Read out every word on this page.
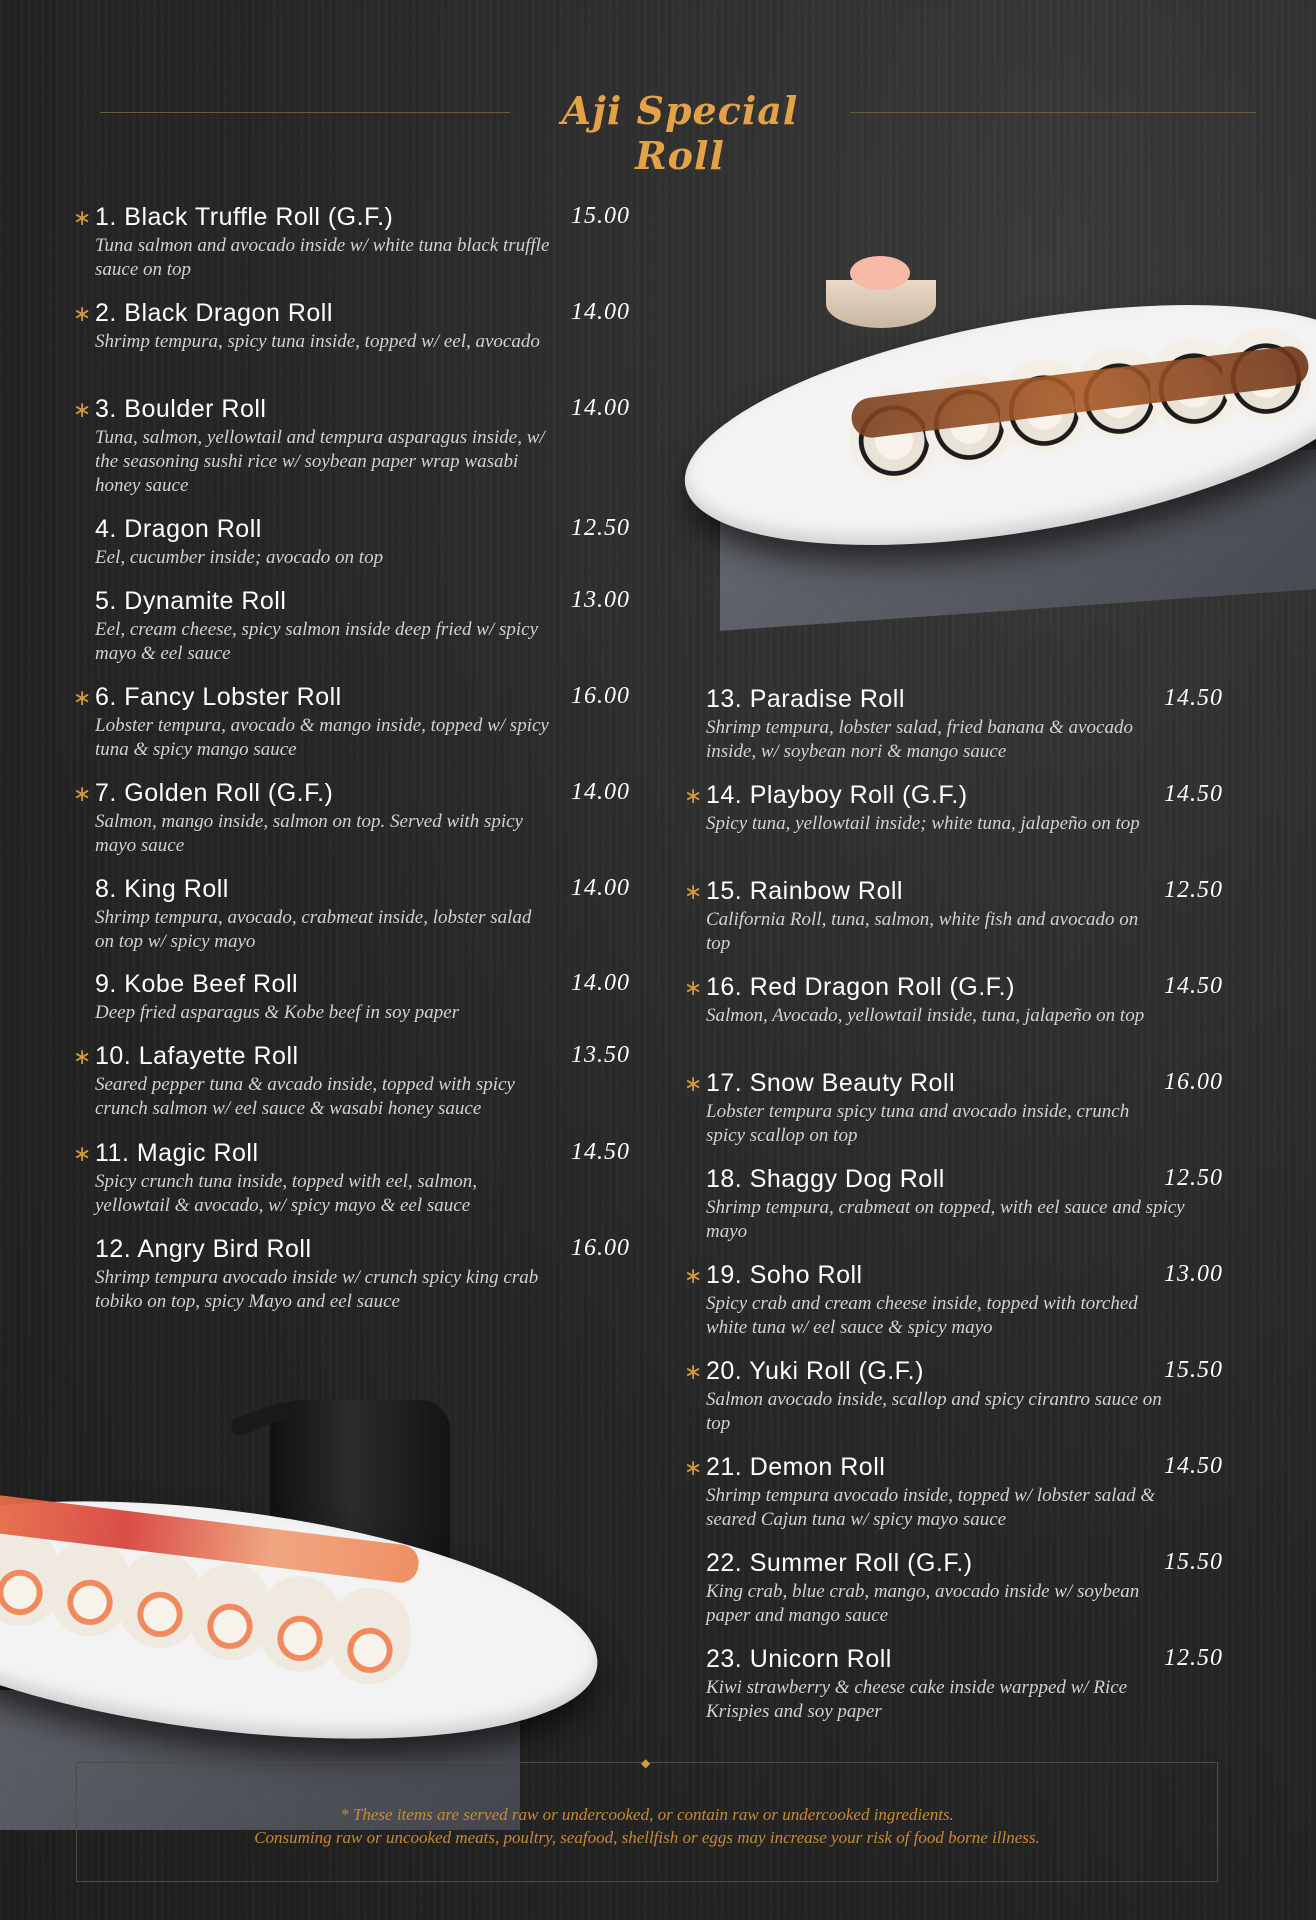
Aji Special Roll
∗ 1. Black Truffle Roll (G.F.)
Tuna salmon and avocado inside w/ white tuna black truffle sauce on top
15.00
∗ 2. Black Dragon Roll
Shrimp tempura, spicy tuna inside, topped w/ eel, avocado
14.00
∗ 3. Boulder Roll
Tuna, salmon, yellowtail and tempura asparagus inside, w/ the seasoning sushi rice w/ soybean paper wrap wasabi honey sauce
14.00
4. Dragon Roll
Eel, cucumber inside; avocado on top
12.50
5. Dynamite Roll
Eel, cream cheese, spicy salmon inside deep fried w/ spicy mayo & eel sauce
13.00
∗ 6. Fancy Lobster Roll
Lobster tempura, avocado & mango inside, topped w/ spicy tuna & spicy mango sauce
16.00
∗ 7. Golden Roll (G.F.)
Salmon, mango inside, salmon on top. Served with spicy mayo sauce
14.00
8. King Roll
Shrimp tempura, avocado, crabmeat inside, lobster salad on top w/ spicy mayo
14.00
9. Kobe Beef Roll
Deep fried asparagus & Kobe beef in soy paper
14.00
∗ 10. Lafayette Roll
Seared pepper tuna & avcado inside, topped with spicy crunch salmon w/ eel sauce & wasabi honey sauce
13.50
∗ 11. Magic Roll
Spicy crunch tuna inside, topped with eel, salmon, yellowtail & avocado, w/ spicy mayo & eel sauce
14.50
12. Angry Bird Roll
Shrimp tempura avocado inside w/ crunch spicy king crab tobiko on top, spicy Mayo and eel sauce
16.00
13. Paradise Roll
Shrimp tempura, lobster salad, fried banana & avocado inside, w/ soybean nori & mango sauce
14.50
∗ 14. Playboy Roll (G.F.)
Spicy tuna, yellowtail inside; white tuna, jalapeño on top
14.50
∗ 15. Rainbow Roll
California Roll, tuna, salmon, white fish and avocado on top
12.50
∗ 16. Red Dragon Roll (G.F.)
Salmon, Avocado, yellowtail inside, tuna, jalapeño on top
14.50
∗ 17. Snow Beauty Roll
Lobster tempura spicy tuna and avocado inside, crunch spicy scallop on top
16.00
18. Shaggy Dog Roll
Shrimp tempura, crabmeat on topped, with eel sauce and spicy mayo
12.50
∗ 19. Soho Roll
Spicy crab and cream cheese inside, topped with torched white tuna w/ eel sauce & spicy mayo
13.00
∗ 20. Yuki Roll (G.F.)
Salmon avocado inside, scallop and spicy cirantro sauce on top
15.50
∗ 21. Demon Roll
Shrimp tempura avocado inside, topped w/ lobster salad & seared Cajun tuna w/ spicy mayo sauce
14.50
22. Summer Roll (G.F.)
King crab, blue crab, mango, avocado inside w/ soybean paper and mango sauce
15.50
23. Unicorn Roll
Kiwi strawberry & cheese cake inside warpped w/ Rice Krispies and soy paper
12.50
◆

* These items are served raw or undercooked, or contain raw or undercooked ingredients.

Consuming raw or uncooked meats, poultry, seafood, shellfish or eggs may increase your risk of food borne illness.
